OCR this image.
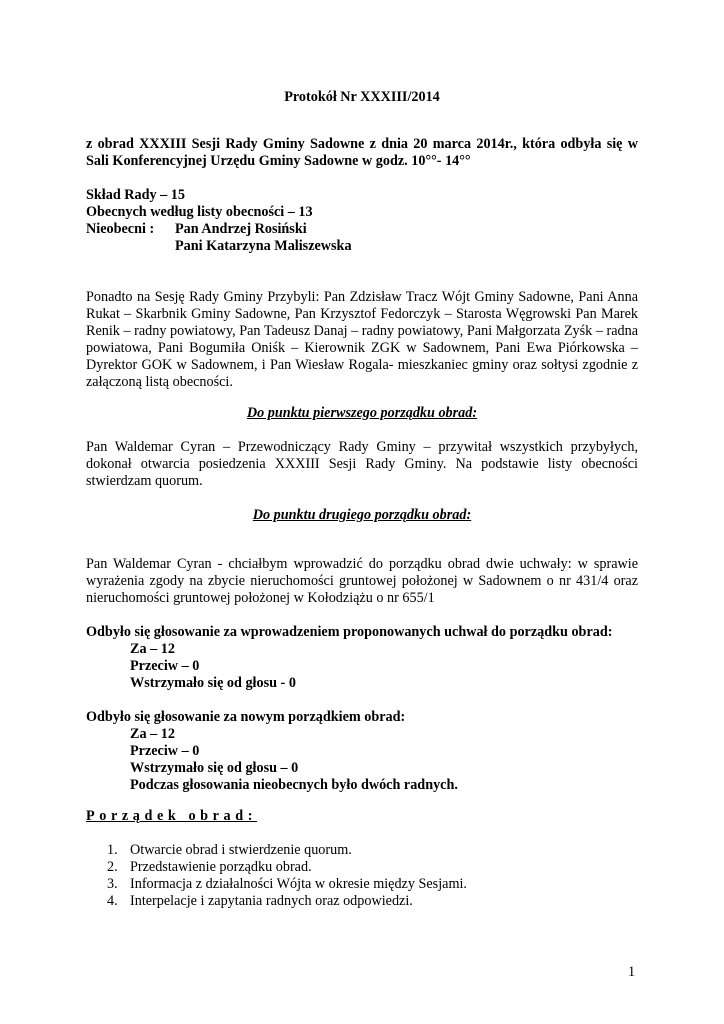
Protokół Nr XXXIII/2014

z obrad XXXIII Sesji Rady Gminy Sadowne z dnia 20 marca 2014r., która odbyła się w Sali Konferencyjnej Urzędu Gminy Sadowne w godz. 10°°- 14°°

Skład Rady – 15

Obecnych według listy obecności – 13

Nieobecni : Pan Andrzej Rosiński

Pani Katarzyna Maliszewska

Ponadto na Sesję Rady Gminy Przybyli: Pan Zdzisław Tracz Wójt Gminy Sadowne, Pani Anna Rukat – Skarbnik Gminy Sadowne, Pan Krzysztof Fedorczyk – Starosta Węgrowski Pan Marek Renik – radny powiatowy, Pan Tadeusz Danaj – radny powiatowy, Pani Małgorzata Zyśk – radna powiatowa, Pani Bogumiła Oniśk – Kierownik ZGK w Sadownem, Pani Ewa Piórkowska – Dyrektor GOK w Sadownem, i Pan Wiesław Rogala- mieszkaniec gminy oraz sołtysi zgodnie z załączoną listą obecności.

Do punktu pierwszego porządku obrad:

Pan Waldemar Cyran – Przewodniczący Rady Gminy – przywitał wszystkich przybyłych, dokonał otwarcia posiedzenia XXXIII Sesji Rady Gminy. Na podstawie listy obecności stwierdzam quorum.

Do punktu drugiego porządku obrad:

Pan Waldemar Cyran - chciałbym wprowadzić do porządku obrad dwie uchwały: w sprawie wyrażenia zgody na zbycie nieruchomości gruntowej położonej w Sadownem o nr 431/4 oraz nieruchomości gruntowej położonej w Kołodziążu o nr 655/1

Odbyło się głosowanie za wprowadzeniem proponowanych uchwał do porządku obrad:

Za – 12

Przeciw – 0

Wstrzymało się od głosu - 0

Odbyło się głosowanie za nowym porządkiem obrad:

Za – 12

Przeciw – 0

Wstrzymało się od głosu – 0

Podczas głosowania nieobecnych było dwóch radnych.

Porządek obrad:

1. Otwarcie obrad i stwierdzenie quorum.
2. Przedstawienie porządku obrad.
3. Informacja z działalności Wójta w okresie między Sesjami.
4. Interpelacje i zapytania radnych oraz odpowiedzi.

1
